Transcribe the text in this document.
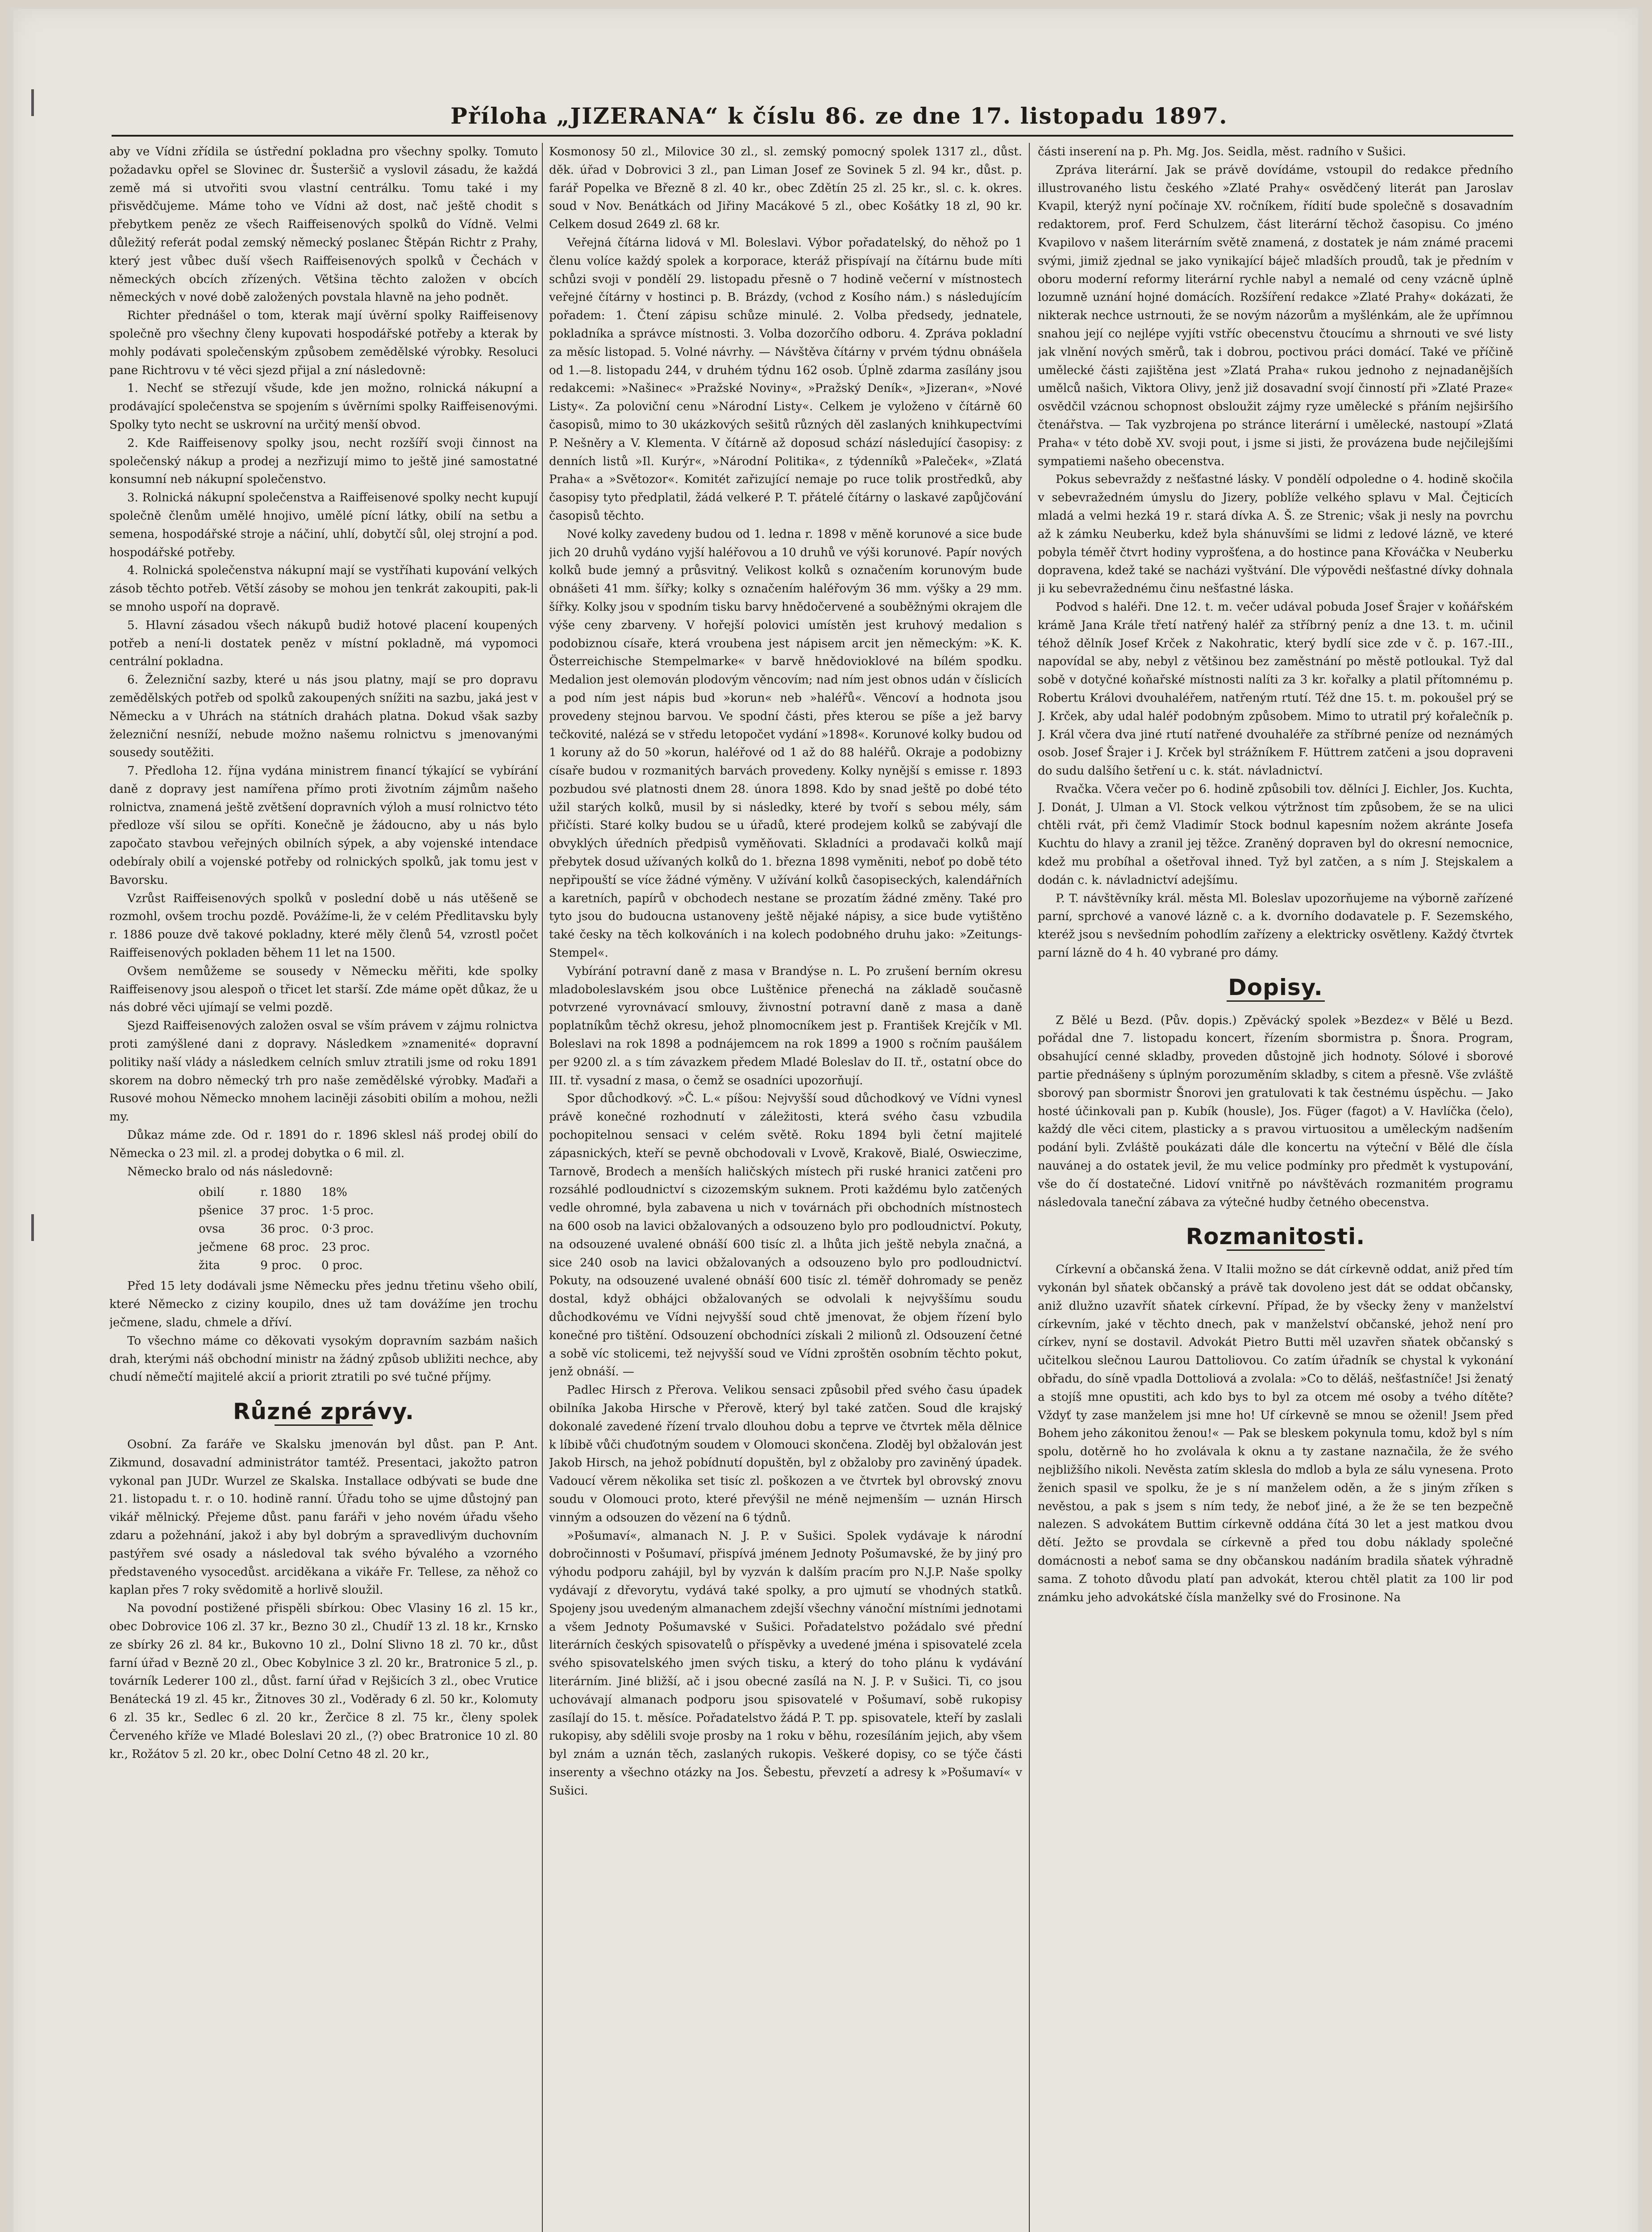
Příloha „JIZERANA“ k číslu 86. ze dne 17. listopadu 1897.

aby ve Vídni zřídila se ústřední pokladna pro všechny spolky. Tomuto požadavku opřel se Slovinec dr. Šusteršič a vyslovil zásadu, že každá země má si utvořiti svou vlastní centrálku. Tomu také i my přisvědčujeme. Máme toho ve Vídni až dost, nač ještě chodit s přebytkem peněz ze všech Raiffeisenových spolků do Vídně. Velmi důležitý referát podal zemský německý poslanec Štěpán Richtr z Prahy, který jest vůbec duší všech Raiffeisenových spolků v Čechách v německých obcích zřízených. Většina těchto založen v obcích německých v nové době založených povstala hlavně na jeho podnět.

Richter přednášel o tom, kterak mají úvěrní spolky Raiffeisenovy společně pro všechny členy kupovati hospodářské potřeby a kterak by mohly podávati společenským způsobem zemědělské výrobky. Resoluci pane Richtrovu v té věci sjezd přijal a zní následovně:

1. Nechť se střezují všude, kde jen možno, rolnická nákupní a prodávající společenstva se spojením s úvěrními spolky Raiffeisenovými. Spolky tyto necht se uskrovní na určitý menší obvod.

2. Kde Raiffeisenovy spolky jsou, necht rozšíří svoji činnost na společenský nákup a prodej a nezřizují mimo to ještě jiné samostatné konsumní neb nákupní společenstvo.

3. Rolnická nákupní společenstva a Raiffeisenové spolky necht kupují společně členům umělé hnojivo, umělé pícní látky, obilí na setbu a semena, hospodářské stroje a náčiní, uhlí, dobytčí sůl, olej strojní a pod. hospodářské potřeby.

4. Rolnická společenstva nákupní mají se vystříhati kupování velkých zásob těchto potřeb. Větší zásoby se mohou jen tenkrát zakoupiti, pak-li se mnoho uspoří na dopravě.

5. Hlavní zásadou všech nákupů budiž hotové placení koupených potřeb a není-li dostatek peněz v místní pokladně, má vypomoci centrální pokladna.

6. Železniční sazby, které u nás jsou platny, mají se pro dopravu zemědělských potřeb od spolků zakoupených snížiti na sazbu, jaká jest v Německu a v Uhrách na státních drahách platna. Dokud však sazby železniční nesníží, nebude možno našemu rolnictvu s jmenovanými sousedy soutěžiti.

7. Předloha 12. října vydána ministrem financí týkající se vybírání daně z dopravy jest namířena přímo proti životním zájmům našeho rolnictva, znamená ještě zvětšení dopravních výloh a musí rolnictvo této předloze vší silou se opříti. Konečně je žádoucno, aby u nás bylo započato stavbou veřejných obilních sýpek, a aby vojenské intendace odebíraly obilí a vojenské potřeby od rolnických spolků, jak tomu jest v Bavorsku.

Vzrůst Raiffeisenových spolků v poslední době u nás utěšeně se rozmohl, ovšem trochu pozdě. Povážíme-li, že v celém Předlitavsku byly r. 1886 pouze dvě takové pokladny, které měly členů 54, vzrostl počet Raiffeisenových pokladen během 11 let na 1500.

Ovšem nemůžeme se sousedy v Německu měřiti, kde spolky Raiffeisenovy jsou alespoň o třicet let starší. Zde máme opět důkaz, že u nás dobré věci ujímají se velmi pozdě.

Sjezd Raiffeisenových založen osval se vším právem v zájmu rolnictva proti zamýšlené dani z dopravy. Následkem »znamenité« dopravní politiky naší vlády a následkem celních smluv ztratili jsme od roku 1891 skorem na dobro německý trh pro naše zemědělské výrobky. Maďaři a Rusové mohou Německo mnohem laciněji zásobiti obilím a mohou, nežli my.

Důkaz máme zde. Od r. 1891 do r. 1896 sklesl náš prodej obilí do Německa o 23 mil. zl. a prodej dobytka o 6 mil. zl.

Německo bralo od nás následovně:

obilí	r. 1880	18%
pšenice	37 proc.	1·5 proc.
ovsa	36 proc.	0·3 proc.
ječmene	68 proc.	23 proc.
žita	9 proc.	0 proc.

Před 15 lety dodávali jsme Německu přes jednu třetinu všeho obilí, které Německo z ciziny koupilo, dnes už tam dovážíme jen trochu ječmene, sladu, chmele a dříví.

To všechno máme co děkovati vysokým dopravním sazbám našich drah, kterými náš obchodní ministr na žádný způsob ubližiti nechce, aby chudí němečtí majitelé akcií a priorit ztratili po své tučné příjmy.

Různé zprávy.

Osobní. Za faráře ve Skalsku jmenován byl důst. pan P. Ant. Zikmund, dosavadní administrátor tamtéž. Presentaci, jakožto patron vykonal pan JUDr. Wurzel ze Skalska. Installace odbývati se bude dne 21. listopadu t. r. o 10. hodině ranní. Úřadu toho se ujme důstojný pan vikář mělnický. Přejeme důst. panu faráři v jeho novém úřadu všeho zdaru a požehnání, jakož i aby byl dobrým a spravedlivým duchovním pastýřem své osady a následoval tak svého bývalého a vzorného představeného vysocedůst. arciděkana a vikáře Fr. Tellese, za něhož co kaplan přes 7 roky svědomitě a horlivě sloužil.

Na povodní postižené přispěli sbírkou: Obec Vlasiny 16 zl. 15 kr., obec Dobrovice 106 zl. 37 kr., Bezno 30 zl., Chudíř 13 zl. 18 kr., Krnsko ze sbírky 26 zl. 84 kr., Bukovno 10 zl., Dolní Slivno 18 zl. 70 kr., důst farní úřad v Bezně 20 zl., Obec Kobylnice 3 zl. 20 kr., Bratronice 5 zl., p. továrník Lederer 100 zl., důst. farní úřad v Rejšicích 3 zl., obec Vrutice Benátecká 19 zl. 45 kr., Žitnoves 30 zl., Voděrady 6 zl. 50 kr., Kolomuty 6 zl. 35 kr., Sedlec 6 zl. 20 kr., Žerčice 8 zl. 75 kr., členy spolek Červeného kříže ve Mladé Boleslavi 20 zl., (?) obec Bratronice 10 zl. 80 kr., Rožátov 5 zl. 20 kr., obec Dolní Cetno 48 zl. 20 kr.,

Kosmonosy 50 zl., Milovice 30 zl., sl. zemský pomocný spolek 1317 zl., důst. děk. úřad v Dobrovici 3 zl., pan Liman Josef ze Sovinek 5 zl. 94 kr., důst. p. farář Popelka ve Březně 8 zl. 40 kr., obec Zdětín 25 zl. 25 kr., sl. c. k. okres. soud v Nov. Benátkách od Jiřiny Macákové 5 zl., obec Košátky 18 zl, 90 kr. Celkem dosud 2649 zl. 68 kr.

Veřejná čítárna lidová v Ml. Boleslavi. Výbor pořadatelský, do něhož po 1 členu volíce každý spolek a korporace, kteráž přispívají na čítárnu bude míti schůzi svoji v pondělí 29. listopadu přesně o 7 hodině večerní v místnostech veřejné čítárny v hostinci p. B. Brázdy, (vchod z Kosího nám.) s následujícím pořadem: 1. Čtení zápisu schůze minulé. 2. Volba předsedy, jednatele, pokladníka a správce místnosti. 3. Volba dozorčího odboru. 4. Zpráva pokladní za měsíc listopad. 5. Volné návrhy. — Návštěva čítárny v prvém týdnu obnášela od 1.—8. listopadu 244, v druhém týdnu 162 osob. Úplně zdarma zasílány jsou redakcemi: »Našinec« »Pražské Noviny«, »Pražský Deník«, »Jizeran«, »Nové Listy«. Za poloviční cenu »Národní Listy«. Celkem je vyloženo v čítárně 60 časopisů, mimo to 30 ukázkových sešitů různých děl zaslaných knihkupectvími P. Nešněry a V. Klementa. V čítárně až doposud schází následující časopisy: z denních listů »Il. Kurýr«, »Národní Politika«, z týdenníků »Paleček«, »Zlatá Praha« a »Světozor«. Komitét zařizující nemaje po ruce tolik prostředků, aby časopisy tyto předplatil, žádá velkeré P. T. přátelé čítárny o laskavé zapůjčování časopisů těchto.

Nové kolky zavedeny budou od 1. ledna r. 1898 v měně korunové a sice bude jich 20 druhů vydáno vyjší haléřovou a 10 druhů ve výši korunové. Papír nových kolků bude jemný a průsvitný. Velikost kolků s označením korunovým bude obnášeti 41 mm. šířky; kolky s označením haléřovým 36 mm. výšky a 29 mm. šířky. Kolky jsou v spodním tisku barvy hnědočervené a souběžnými okrajem dle výše ceny zbarveny. V hořejší polovici umístěn jest kruhový medalion s podobiznou císaře, která vroubena jest nápisem arcit jen německým: »K. K. Österreichische Stempelmarke« v barvě hnědovioklové na bílém spodku. Medalion jest olemován plodovým věncovím; nad ním jest obnos udán v číslicích a pod ním jest nápis bud »korun« neb »haléřů«. Věncoví a hodnota jsou provedeny stejnou barvou. Ve spodní části, přes kterou se píše a jež barvy tečkovité, nalézá se v středu letopočet vydání »1898«. Korunové kolky budou od 1 koruny až do 50 »korun, haléřové od 1 až do 88 haléřů. Okraje a podobizny císaře budou v rozmanitých barvách provedeny. Kolky nynější s emisse r. 1893 pozbudou své platnosti dnem 28. února 1898. Kdo by snad ještě po dobé této užil starých kolků, musil by si následky, které by tvoří s sebou mély, sám přičísti. Staré kolky budou se u úřadů, které prodejem kolků se zabývají dle obvyklých úředních předpisů vyměňovati. Skladníci a prodavači kolků mají přebytek dosud užívaných kolků do 1. března 1898 vyměniti, neboť po době této nepřipouští se více žádné výměny. V užívání kolků časopiseckých, kalendářních a karetních, papírů v obchodech nestane se prozatím žádné změny. Také pro tyto jsou do budoucna ustanoveny ještě nějaké nápisy, a sice bude vytištěno také česky na těch kolkováních i na kolech podobného druhu jako: »Zeitungs-Stempel«.

Vybírání potravní daně z masa v Brandýse n. L. Po zrušení berním okresu mladoboleslavském jsou obce Luštěnice přenechá na základě současně potvrzené vyrovnávací smlouvy, živnostní potravní daně z masa a daně poplatníkům těchž okresu, jehož plnomocníkem jest p. František Krejčík v Ml. Boleslavi na rok 1898 a podnájemcem na rok 1899 a 1900 s ročním paušálem per 9200 zl. a s tím závazkem předem Mladé Boleslav do II. tř., ostatní obce do III. tř. vysadní z masa, o čemž se osadníci upozorňují.

Spor důchodkový. »Č. L.« píšou: Nejvyšší soud důchodkový ve Vídni vynesl právě konečné rozhodnutí v záležitosti, která svého času vzbudila pochopitelnou sensaci v celém světě. Roku 1894 byli četní majitelé zápasnických, kteří se pevně obchodovali v Lvově, Krakově, Bialé, Oswieczime, Tarnově, Brodech a menších haličských místech při ruské hranici zatčeni pro rozsáhlé podloudnictví s cizozemským suknem. Proti každému bylo zatčených vedle ohromné, byla zabavena u nich v továrnách při obchodních místnostech na 600 osob na lavici obžalovaných a odsouzeno bylo pro podloudnictví. Pokuty, na odsouzené uvalené obnáší 600 tisíc zl. a lhůta jich ještě nebyla značná, a sice 240 osob na lavici obžalovaných a odsouzeno bylo pro podloudnictví. Pokuty, na odsouzené uvalené obnáší 600 tisíc zl. téměř dohromady se peněz dostal, když obhájci obžalovaných se odvolali k nejvyššímu soudu důchodkovému ve Vídni nejvyšší soud chtě jmenovat, že objem řízení bylo konečné pro tištění. Odsouzení obchodníci získali 2 milionů zl. Odsouzení četné a sobě víc stolicemi, tež nejvyšší soud ve Vídni zproštěn osobním těchto pokut, jenž obnáší. —

Padlec Hirsch z Přerova. Velikou sensaci způsobil před svého času úpadek obilníka Jakoba Hirsche v Přerově, který byl také zatčen. Soud dle krajský dokonalé zavedené řízení trvalo dlouhou dobu a teprve ve čtvrtek měla dělnice k líbibě vůči chuďotným soudem v Olomouci skončena. Zloděj byl obžalován jest Jakob Hirsch, na jehož pobídnutí dopuštěn, byl z obžaloby pro zaviněný úpadek. Vadoucí věrem několika set tisíc zl. poškozen a ve čtvrtek byl obrovský znovu soudu v Olomouci proto, které převýšil ne méně nejmenším — uznán Hirsch vinným a odsouzen do vězení na 6 týdnů.

»Pošumaví«, almanach N. J. P. v Sušici. Spolek vydávaje k národní dobročinnosti v Pošumaví, přispívá jménem Jednoty Pošumavské, že by jiný pro výhodu podporu zahájil, byl by vyzván k dalším pracím pro N.J.P. Naše spolky vydávají z dřevorytu, vydává také spolky, a pro ujmutí se vhodných statků. Spojeny jsou uvedeným almanachem zdejší všechny vánoční místními jednotami a všem Jednoty Pošumavské v Sušici. Pořadatelstvo požádalo své přední literárních českých spisovatelů o příspěvky a uvedené jména i spisovatelé zcela svého spisovatelského jmen svých tisku, a který do toho plánu k vydávání literárním. Jiné bližší, ač i jsou obecné zasílá na N. J. P. v Sušici. Ti, co jsou uchovávají almanach podporu jsou spisovatelé v Pošumaví, sobě rukopisy zasílají do 15. t. měsíce. Pořadatelstvo žádá P. T. pp. spisovatele, kteří by zaslali rukopisy, aby sdělili svoje prosby na 1 roku v běhu, rozesíláním jejich, aby všem byl znám a uznán těch, zaslaných rukopis. Veškeré dopisy, co se týče části inserenty a všechno otázky na Jos. Šebestu, převzetí a adresy k »Pošumaví« v Sušici.

části inserení na p. Ph. Mg. Jos. Seidla, měst. radního v Sušici.

Zpráva literární. Jak se právě dovídáme, vstoupil do redakce předního illustrovaného listu českého »Zlaté Prahy« osvědčený literát pan Jaroslav Kvapil, kterýž nyní počínaje XV. ročníkem, řídití bude společně s dosavadním redaktorem, prof. Ferd Schulzem, část literární těchož časopisu. Co jméno Kvapilovo v našem literárním světě znamená, z dostatek je nám známé pracemi svými, jimiž zjednal se jako vynikající báječ mladších proudů, tak je předním v oboru moderní reformy literární rychle nabyl a nemalé od ceny vzácně úplně lozumně uznání hojné domácích. Rozšíření redakce »Zlaté Prahy« dokázati, že nikterak nechce ustrnouti, že se novým názorům a myšlénkám, ale že upřímnou snahou její co nejlépe vyjíti vstříc obecenstvu čtoucímu a shrnouti ve své listy jak vlnění nových směrů, tak i dobrou, poctivou práci domácí. Také ve příčině umělecké části zajištěna jest »Zlatá Praha« rukou jednoho z nejnadanějších umělců našich, Viktora Olivy, jenž již dosavadní svojí činností při »Zlaté Praze« osvědčil vzácnou schopnost obsloužit zájmy ryze umělecké s přáním nejširšího čtenářstva. — Tak vyzbrojena po stránce literární i umělecké, nastoupí »Zlatá Praha« v této době XV. svoji pout, i jsme si jisti, že provázena bude nejčilejšími sympatiemi našeho obecenstva.

Pokus sebevraždy z nešťastné lásky. V pondělí odpoledne o 4. hodině skočila v sebevražedném úmyslu do Jizery, poblíže velkého splavu v Mal. Čejticích mladá a velmi hezká 19 r. stará dívka A. Š. ze Strenic; však ji nesly na povrchu až k zámku Neuberku, kdež byla shánuvšími se lidmi z ledové lázně, ve které pobyla téměř čtvrt hodiny vyprošťena, a do hostince pana Křováčka v Neuberku dopravena, kdež také se nacházi vyštvání. Dle výpovědi nešťastné dívky dohnala ji ku sebevražednému činu nešťastné láska.

Podvod s haléři. Dne 12. t. m. večer udával pobuda Josef Šrajer v koňářském krámě Jana Krále třetí natřený haléř za stříbrný peníz a dne 13. t. m. učinil téhož dělník Josef Krček z Nakohratic, který bydlí sice zde v č. p. 167.-III., napovídal se aby, nebyl z většinou bez zaměstnání po městě potloukal. Tyž dal sobě v dotyčné koňařské místnosti nalíti za 3 kr. kořalky a platil přítomnému p. Robertu Královi dvouhaléřem, natřeným rtutí. Též dne 15. t. m. pokoušel prý se J. Krček, aby udal haléř podobným způsobem. Mimo to utratil prý kořalečník p. J. Král včera dva jiné rtutí natřené dvouhaléře za stříbrné peníze od neznámých osob. Josef Šrajer i J. Krček byl strážníkem F. Hüttrem zatčeni a jsou dopraveni do sudu dalšího šetření u c. k. stát. návladnictví.

Rvačka. Včera večer po 6. hodině způsobili tov. dělníci J. Eichler, Jos. Kuchta, J. Donát, J. Ulman a Vl. Stock velkou výtržnost tím způsobem, že se na ulici chtěli rvát, při čemž Vladimír Stock bodnul kapesním nožem akránte Josefa Kuchtu do hlavy a zranil jej těžce. Zraněný dopraven byl do okresní nemocnice, kdež mu probíhal a ošetřoval ihned. Tyž byl zatčen, a s ním J. Stejskalem a dodán c. k. návladnictví adejšímu.

P. T. návštěvníky král. města Ml. Boleslav upozorňujeme na výborně zařízené parní, sprchové a vanové lázně c. a k. dvorního dodavatele p. F. Sezemského, kteréž jsou s nevšedním pohodlím zařízeny a elektricky osvětleny. Každý čtvrtek parní lázně do 4 h. 40 vybrané pro dámy.

Dopisy.

Z Bělé u Bezd. (Pův. dopis.) Zpěvácký spolek »Bezdez« v Bělé u Bezd. pořádal dne 7. listopadu koncert, řízením sbormistra p. Šnora. Program, obsahující cenné skladby, proveden důstojně jich hodnoty. Sólové i sborové partie přednášeny s úplným porozuměním skladby, s citem a přesně. Vše zvláště sborový pan sbormistr Šnorovi jen gratulovati k tak čestnému úspěchu. — Jako hosté účinkovali pan p. Kubík (housle), Jos. Füger (fagot) a V. Havlíčka (čelo), každý dle věci citem, plasticky a s pravou virtuositou a uměleckým nadšením podání byli. Zvláště poukázati dále dle koncertu na výteční v Bělé dle čísla nauvánej a do ostatek jevil, že mu velice podmínky pro předmět k vystupování, vše do čí dostatečné. Lidoví vnitřně po návštěvách rozmanitém programu následovala taneční zábava za výtečné hudby četného obecenstva.

Rozmanitosti.

Církevní a občanská žena. V Italii možno se dát církevně oddat, aniž před tím vykonán byl sňatek občanský a právě tak dovoleno jest dát se oddat občansky, aniž dlužno uzavřít sňatek církevní. Případ, že by všecky ženy v manželství církevním, jaké v těchto dnech, pak v manželství občanské, jehož není pro církev, nyní se dostavil. Advokát Pietro Butti měl uzavřen sňatek občanský s učitelkou slečnou Laurou Dattoliovou. Co zatím úřadník se chystal k vykonání obřadu, do síně vpadla Dottoliová a zvolala: »Co to děláš, nešťastníče! Jsi ženatý a stojíš mne opustiti, ach kdo bys to byl za otcem mé osoby a tvého dítěte? Vždyť ty zase manželem jsi mne ho! Uf církevně se mnou se oženil! Jsem před Bohem jeho zákonitou ženou!« — Pak se bleskem pokynula tomu, kdož byl s ním spolu, dotěrně ho ho zvolávala k oknu a ty zastane naznačila, že že svého nejbližšího nikoli. Nevěsta zatím sklesla do mdlob a byla ze sálu vynesena. Proto ženich spasil ve spolku, že je s ní manželem oděn, a že s jiným zříken s nevěstou, a pak s jsem s ním tedy, že neboť jiné, a že že se ten bezpečně nalezen. S advokátem Buttim církevně oddána čítá 30 let a jest matkou dvou dětí. Ježto se provdala se církevně a před tou dobu náklady společné domácnosti a neboť sama se dny občanskou nadáním bradila sňatek výhradně sama. Z tohoto důvodu platí pan advokát, kterou chtěl platit za 100 lir pod známku jeho advokátské čísla manželky své do Frosinone. Na
